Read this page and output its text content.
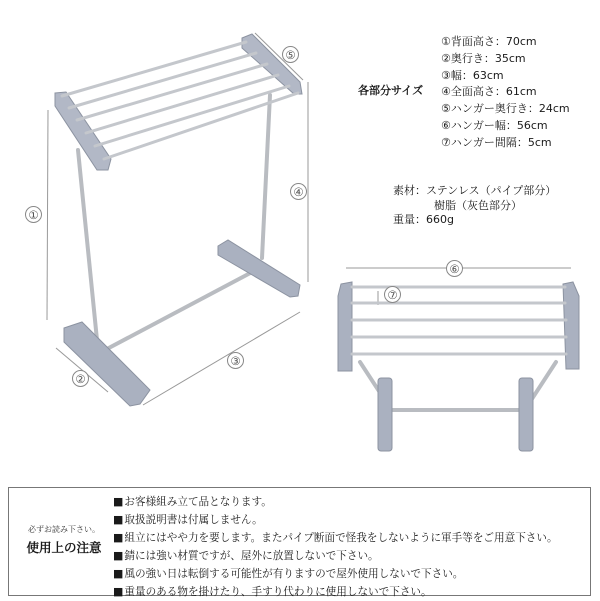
①
②
③
④
⑤
⑥
⑦
各部分サイズ
①背面高さ：70cm
②奥行き：35cm
③幅：63cm
④全面高さ：61cm
⑤ハンガー奥行き：24cm
⑥ハンガー幅：56cm
⑦ハンガー間隔：5cm
素材：ステンレス（パイプ部分）
樹脂（灰色部分）
重量：660g
必ずお読み下さい。
使用上の注意
■ お客様組み立て品となります。
■ 取扱説明書は付属しません。
■ 組立にはやや力を要します。またパイプ断面で怪我をしないように軍手等をご用意下さい。
■ 錆には強い材質ですが、屋外に放置しないで下さい。
■ 風の強い日は転倒する可能性が有りますので屋外使用しないで下さい。
■ 重量のある物を掛けたり、手すり代わりに使用しないで下さい。
